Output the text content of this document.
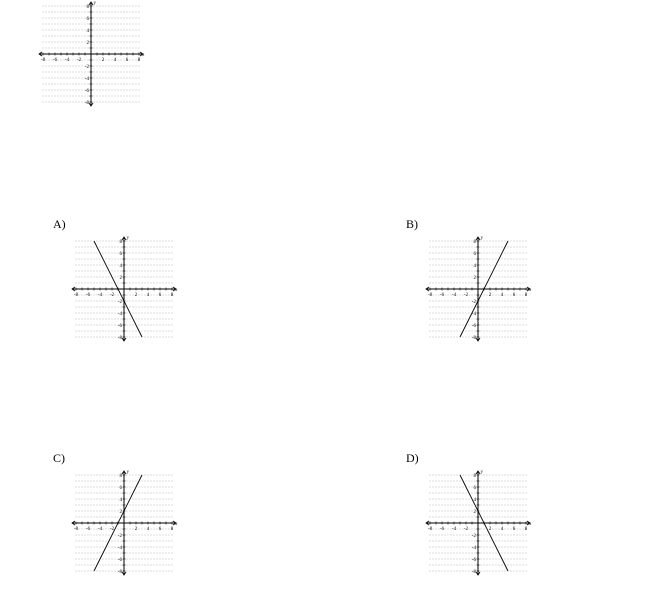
-8 -6 -4 -2	2 4 6 8
8
6
4
2
-2
-4
-6
-8
x
y
A)
-8 -6 -4 -2	2 4 6 8
8
6
4
2
-2
-4
-6
-8
x
y
B)
-8 -6 -4 -2	2 4 6 8
8
6
4
2
-2
-4
-6
-8
x
y
C)
-8 -6 -4 -2	2 4 6 8
8
6
4
2
-2
-4
-6
-8
x
y
D)
-8 -6 -4 -2	2 4 6 8
8
6
4
2
-2
-4
-6
-8
x
y
